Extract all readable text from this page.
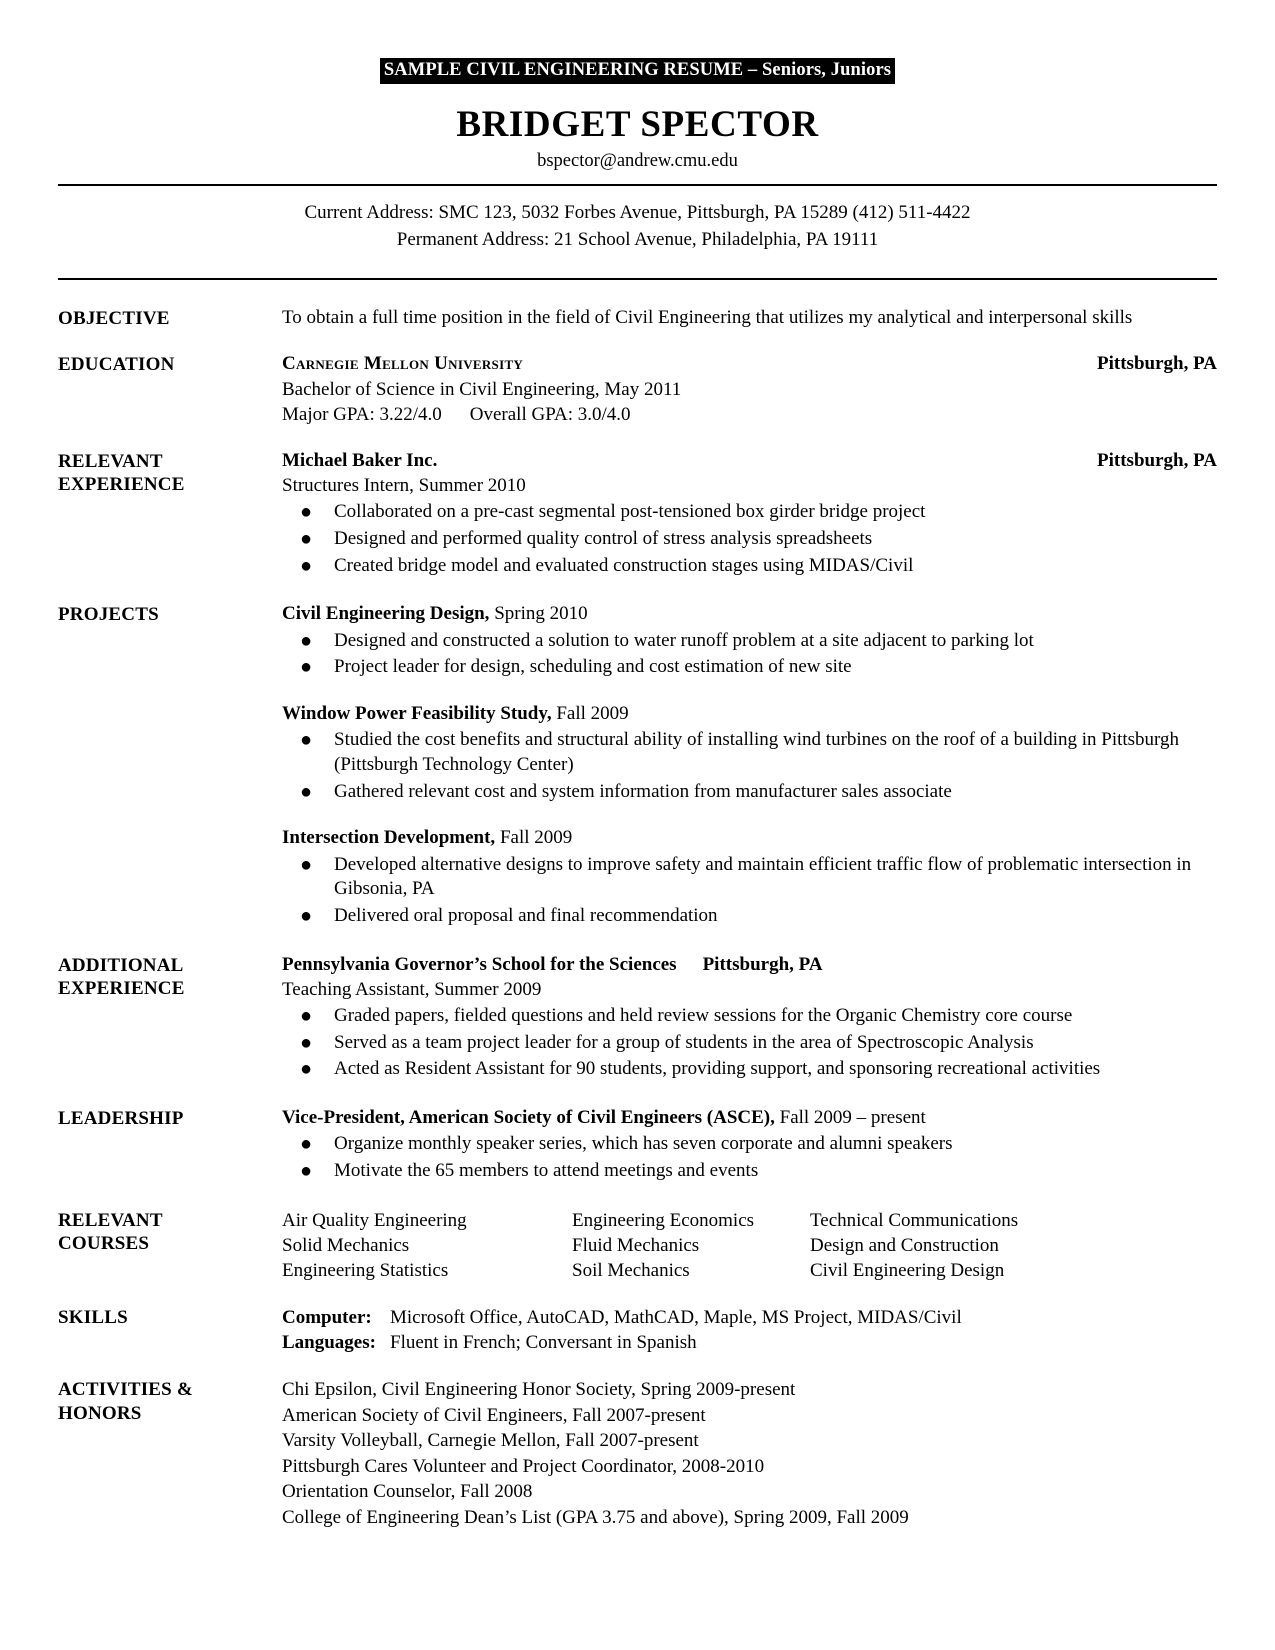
SAMPLE CIVIL ENGINEERING RESUME – Seniors, Juniors
BRIDGET SPECTOR
bspector@andrew.cmu.edu
Current Address: SMC 123, 5032 Forbes Avenue, Pittsburgh, PA 15289 (412) 511-4422
Permanent Address: 21 School Avenue, Philadelphia, PA 19111
OBJECTIVE	To obtain a full time position in the field of Civil Engineering that utilizes my analytical and interpersonal skills
EDUCATION	Carnegie Mellon University	Pittsburgh, PA
Bachelor of Science in Civil Engineering, May 2011
Major GPA: 3.22/4.0 Overall GPA: 3.0/4.0
RELEVANT
EXPERIENCE
Michael Baker Inc.	Pittsburgh, PA
Structures Intern, Summer 2010
● Collaborated on a pre-cast segmental post-tensioned box girder bridge project
● Designed and performed quality control of stress analysis spreadsheets
● Created bridge model and evaluated construction stages using MIDAS/Civil
PROJECTS	Civil Engineering Design, Spring 2010
● Designed and constructed a solution to water runoff problem at a site adjacent to parking lot
● Project leader for design, scheduling and cost estimation of new site
Window Power Feasibility Study, Fall 2009
● Studied the cost benefits and structural ability of installing wind turbines on the roof of a building in Pittsburgh (Pittsburgh Technology Center)
● Gathered relevant cost and system information from manufacturer sales associate
Intersection Development, Fall 2009
● Developed alternative designs to improve safety and maintain efficient traffic flow of problematic intersection in Gibsonia, PA
● Delivered oral proposal and final recommendation
ADDITIONAL
EXPERIENCE
Pennsylvania Governor’s School for the Sciences Pittsburgh, PA
Teaching Assistant, Summer 2009
● Graded papers, fielded questions and held review sessions for the Organic Chemistry core course
● Served as a team project leader for a group of students in the area of Spectroscopic Analysis
● Acted as Resident Assistant for 90 students, providing support, and sponsoring recreational activities
LEADERSHIP	Vice-President, American Society of Civil Engineers (ASCE), Fall 2009 – present
● Organize monthly speaker series, which has seven corporate and alumni speakers
● Motivate the 65 members to attend meetings and events
RELEVANT
COURSES
Air Quality Engineering	Engineering Economics	Technical Communications
Solid Mechanics	Fluid Mechanics	Design and Construction
Engineering Statistics	Soil Mechanics	Civil Engineering Design
SKILLS	Computer: Microsoft Office, AutoCAD, MathCAD, Maple, MS Project, MIDAS/Civil
Languages: Fluent in French; Conversant in Spanish
ACTIVITIES &
HONORS
Chi Epsilon, Civil Engineering Honor Society, Spring 2009-present
American Society of Civil Engineers, Fall 2007-present
Varsity Volleyball, Carnegie Mellon, Fall 2007-present
Pittsburgh Cares Volunteer and Project Coordinator, 2008-2010
Orientation Counselor, Fall 2008
College of Engineering Dean’s List (GPA 3.75 and above), Spring 2009, Fall 2009
